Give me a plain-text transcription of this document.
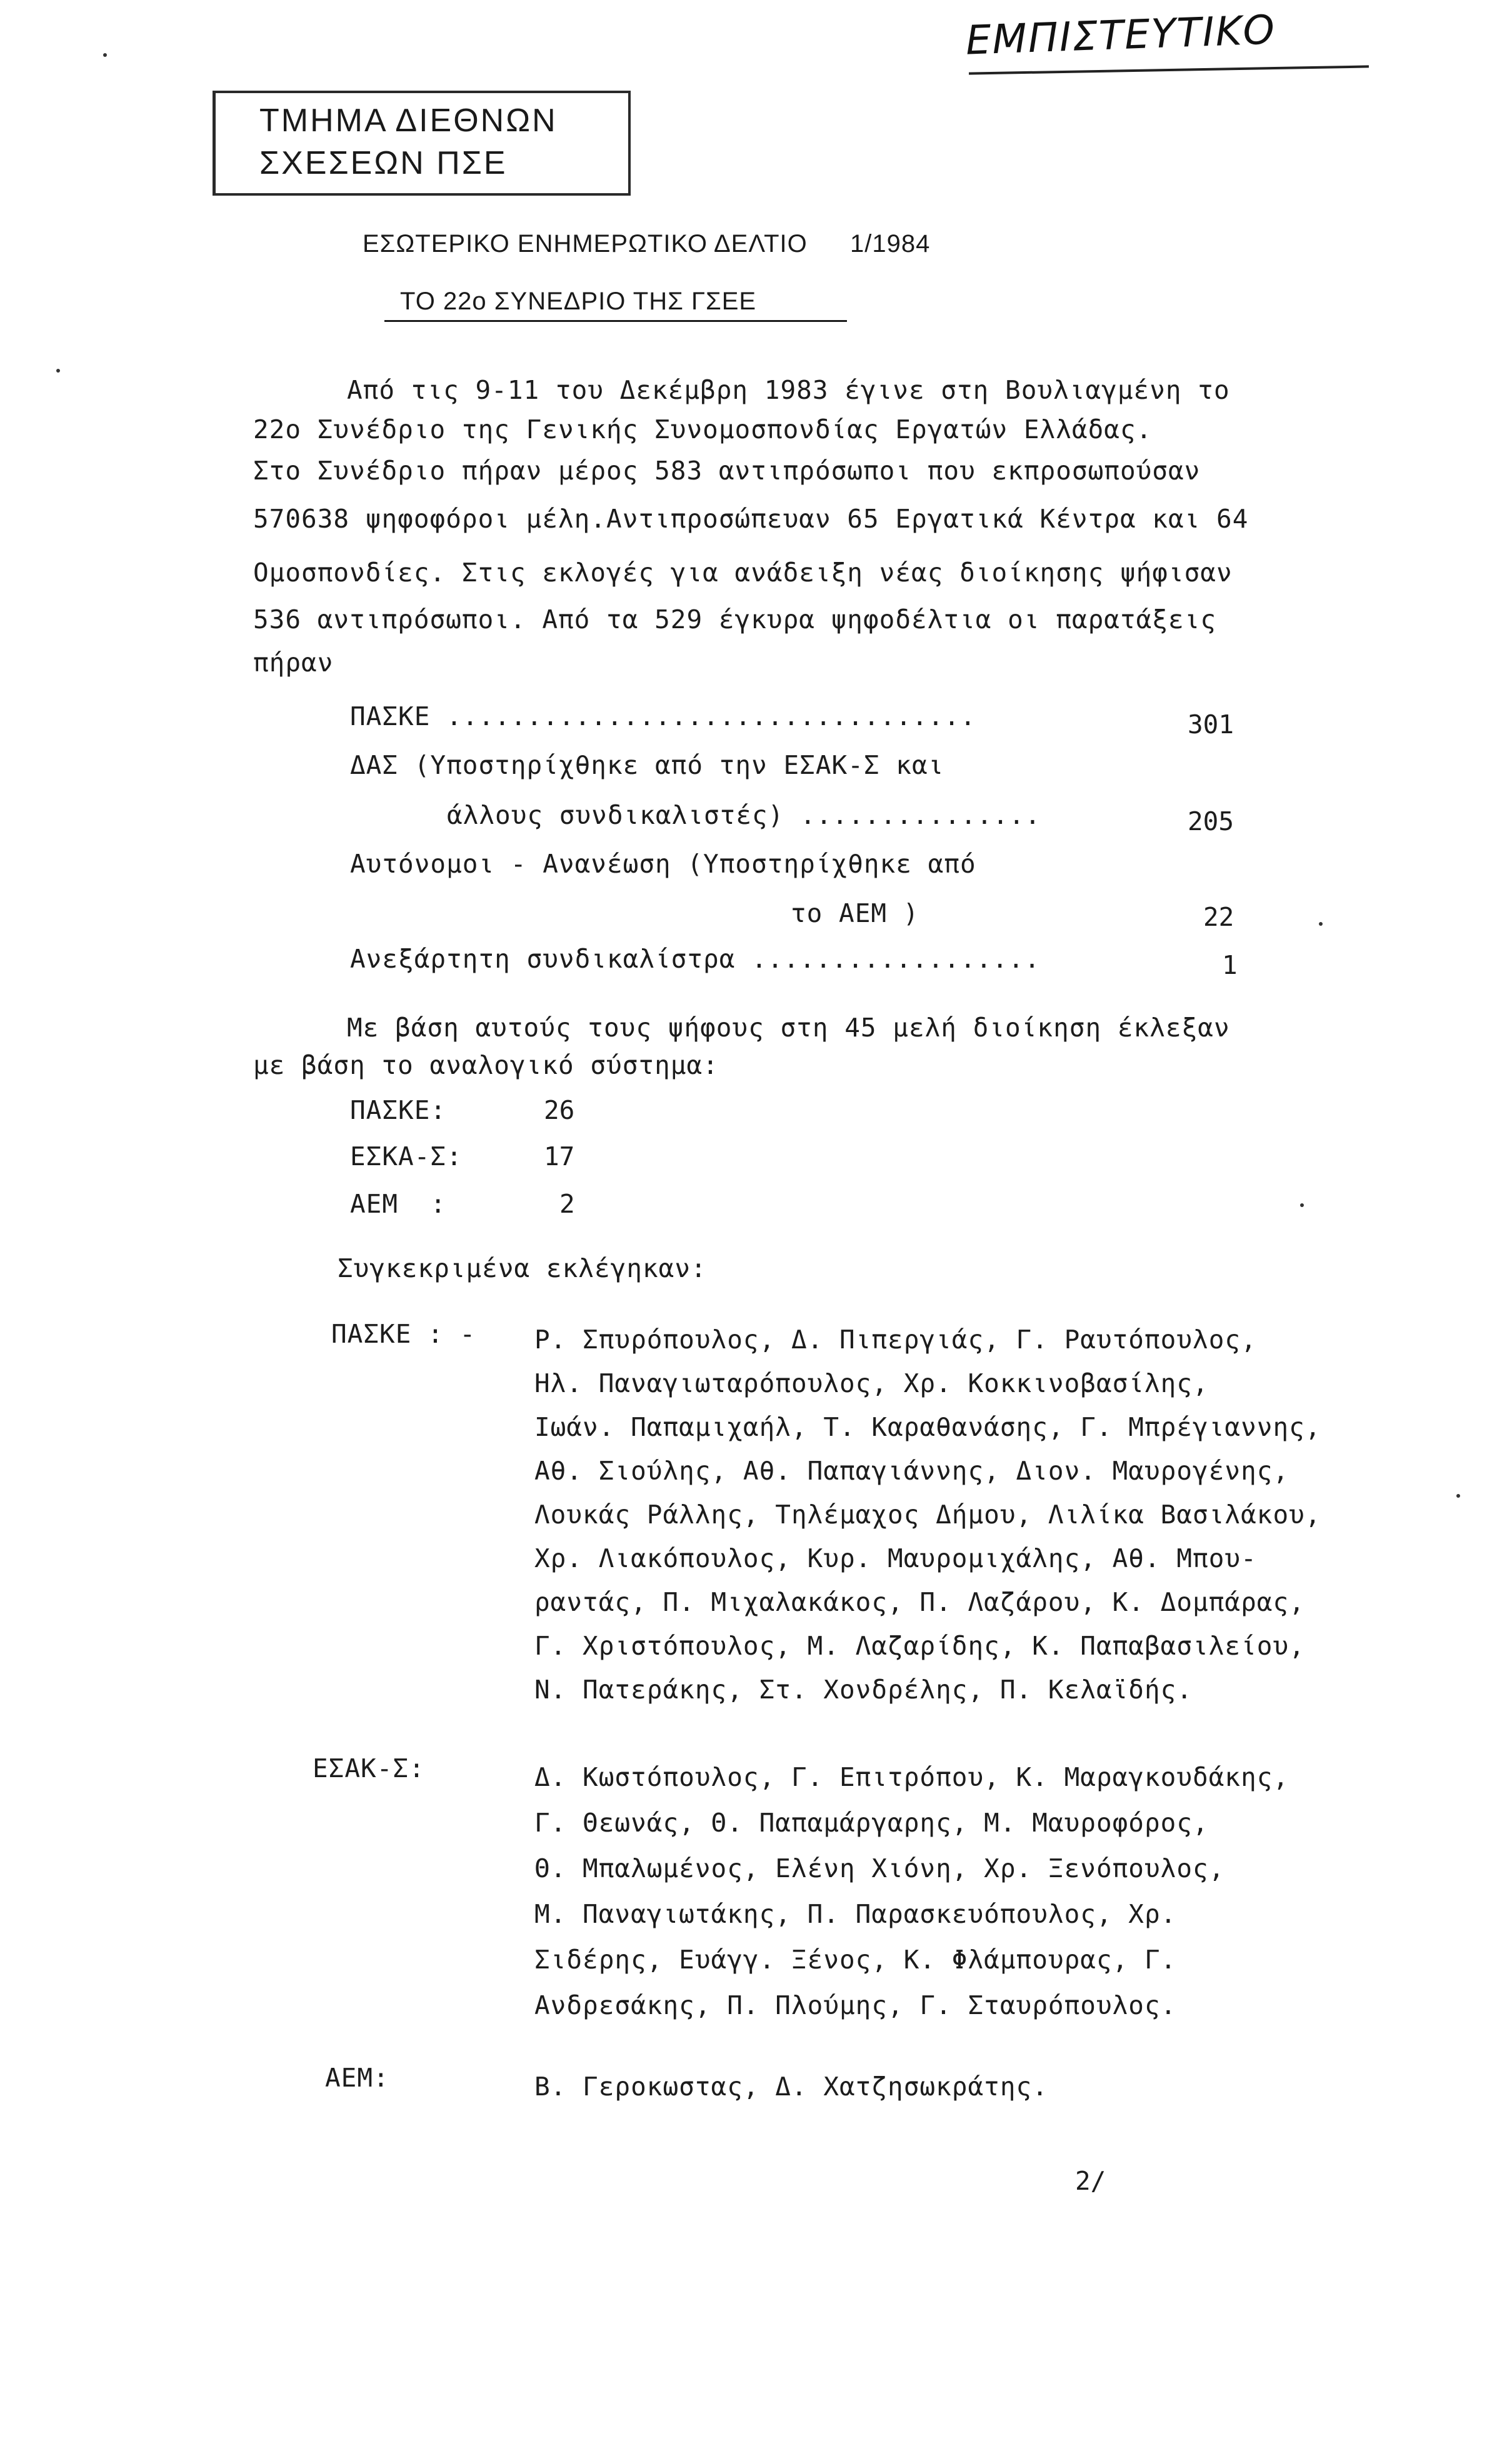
ΕΜΠΙΣΤΕΥΤΙΚΟ
ΤΜΗΜΑ ΔΙΕΘΝΩΝ
ΣΧΕΣΕΩΝ ΠΣΕ
ΕΣΩΤΕΡΙΚΟ ΕΝΗΜΕΡΩΤΙΚΟ ΔΕΛΤΙΟ 1/1984
ΤΟ 22ο ΣΥΝΕΔΡΙΟ ΤΗΣ ΓΣΕΕ
Από τις 9-11 του Δεκέμβρη 1983 έγινε στη Βουλιαγμένη το
22ο Συνέδριο της Γενικής Συνομοσπονδίας Εργατών Ελλάδας.
Στο Συνέδριο πήραν μέρος 583 αντιπρόσωποι που εκπροσωπούσαν
570638 ψηφοφόροι μέλη.Αντιπροσώπευαν 65 Εργατικά Κέντρα και 64
Ομοσπονδίες. Στις εκλογές για ανάδειξη νέας διοίκησης ψήφισαν
536 αντιπρόσωποι. Από τα 529 έγκυρα ψηφοδέλτια οι παρατάξεις
πήραν
ΠΑΣΚΕ .................................	301
ΔΑΣ (Υποστηρίχθηκε από την ΕΣΑΚ-Σ και
άλλους συνδικαλιστές) ...............	205
Αυτόνομοι - Ανανέωση (Υποστηρίχθηκε από
το ΑΕΜ )	22
Ανεξάρτητη συνδικαλίστρα ..................	1
Με βάση αυτούς τους ψήφους στη 45 μελή διοίκηση έκλεξαν
με βάση το αναλογικό σύστημα:
ΠΑΣΚΕ:	26
ΕΣΚΑ-Σ:	17
ΑΕΜ  :	2
Συγκεκριμένα εκλέγηκαν:
ΠΑΣΚΕ : - Ρ. Σπυρόπουλος, Δ. Πιπεργιάς, Γ. Ραυτόπουλος,
Ηλ. Παναγιωταρόπουλος, Χρ. Κοκκινοβασίλης,
Ιωάν. Παπαμιχαήλ, Τ. Καραθανάσης, Γ. Μπρέγιαννης,
Αθ. Σιούλης, Αθ. Παπαγιάννης, Διον. Μαυρογένης,
Λουκάς Ράλλης, Τηλέμαχος Δήμου, Λιλίκα Βασιλάκου,
Χρ. Λιακόπουλος, Κυρ. Μαυρομιχάλης, Αθ. Μπου-
ραντάς, Π. Μιχαλακάκος, Π. Λαζάρου, Κ. Δομπάρας,
Γ. Χριστόπουλος, Μ. Λαζαρίδης, Κ. Παπαβασιλείου,
Ν. Πατεράκης, Στ. Χονδρέλης, Π. Κελαϊδής.
ΕΣΑΚ-Σ:	Δ. Κωστόπουλος, Γ. Επιτρόπου, Κ. Μαραγκουδάκης,
Γ. Θεωνάς, Θ. Παπαμάργαρης, Μ. Μαυροφόρος,
Θ. Μπαλωμένος, Ελένη Χιόνη, Χρ. Ξενόπουλος,
Μ. Παναγιωτάκης, Π. Παρασκευόπουλος, Χρ.
Σιδέρης, Ευάγγ. Ξένος, Κ. Φλάμπουρας, Γ.
Ανδρεσάκης, Π. Πλούμης, Γ. Σταυρόπουλος.
ΑΕΜ:	Β. Γεροκωστας, Δ. Χατζησωκράτης.
2/
